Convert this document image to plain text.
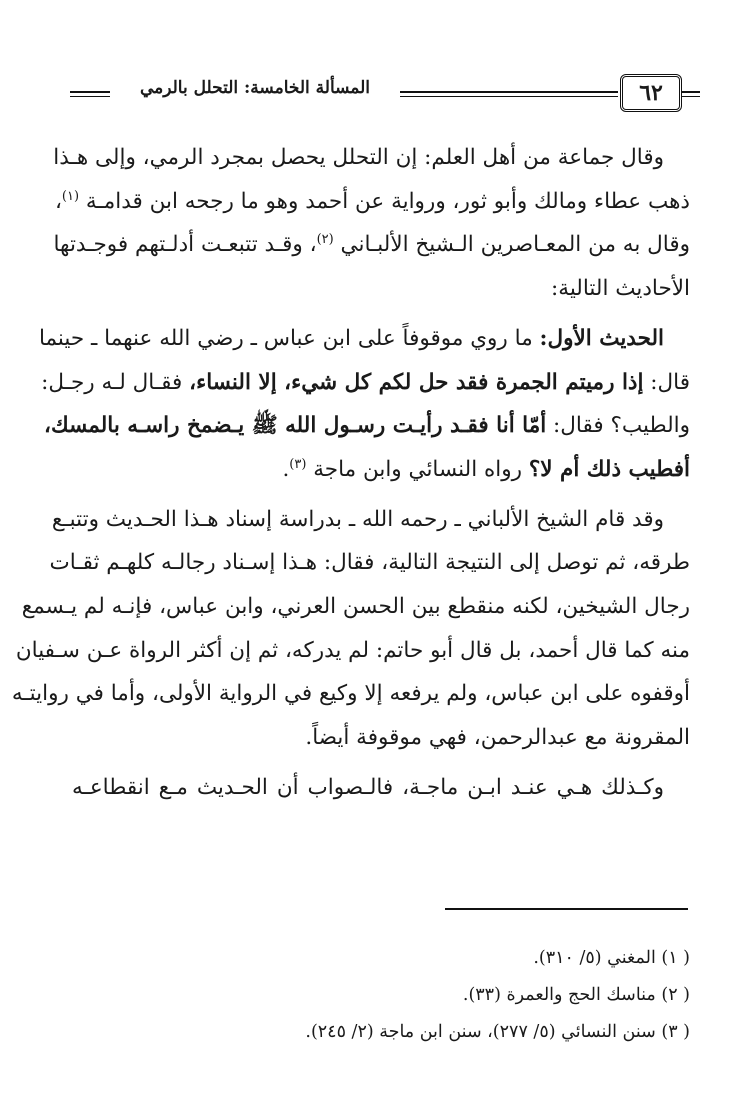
٦٢
المسألة الخامسة: التحلل بالرمي

وقال جماعة من أهل العلم: إن التحلل يحصل بمجرد الرمي، وإلى هـذا
ذهب عطاء ومالك وأبو ثور، ورواية عن أحمد وهو ما رجحه ابن قدامـة $^{(١)}$،
وقال به من المعـاصرين الـشيخ الألبـاني $^{(٢)}$، وقـد تتبعـت أدلـتهم فوجـدتها
الأحاديث التالية:

الحديث الأول: ما روي موقوفاً على ابن عباس ـ رضي الله عنهما ـ حينما
قال: إذا رميتم الجمرة فقد حل لكم كل شيء، إلا النساء، فقـال لـه رجـل:
والطيب؟ فقال: أمّا أنا فقـد رأيـت رسـول الله ﷺ يـضمخ راسـه بالمسك،
أفطيب ذلك أم لا؟ رواه النسائي وابن ماجة $^{(٣)}$.

وقد قام الشيخ الألباني ـ رحمه الله ـ بدراسة إسناد هـذا الحـديث وتتبـع
طرقه، ثم توصل إلى النتيجة التالية، فقال: هـذا إسـناد رجالـه كلهـم ثقـات
رجال الشيخين، لكنه منقطع بين الحسن العرني، وابن عباس، فإنـه لم يـسمع
منه كما قال أحمد، بل قال أبو حاتم: لم يدركه، ثم إن أكثر الرواة عـن سـفيان
أوقفوه على ابن عباس، ولم يرفعه إلا وكيع في الرواية الأولى، وأما في روايتـه
المقرونة مع عبدالرحمن، فهي موقوفة أيضاً.

وكـذلك هـي عنـد ابـن ماجـة، فالـصواب أن الحـديث مـع انقطاعـه

( ١) المغني (٥/ ٣١٠).
( ٢) مناسك الحج والعمرة (٣٣).
( ٣) سنن النسائي (٥/ ٢٧٧)، سنن ابن ماجة (٢/ ٢٤٥).
